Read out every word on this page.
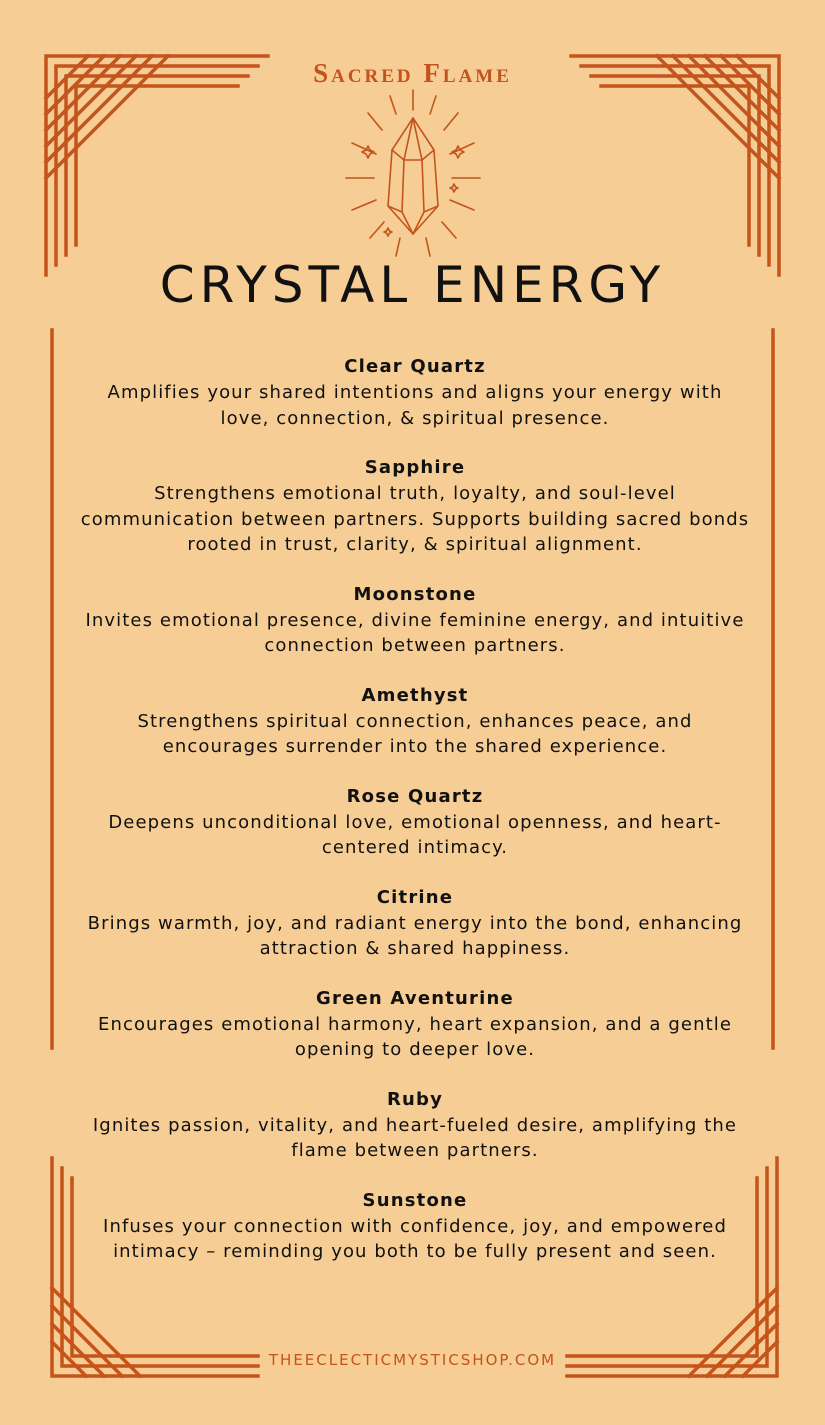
Sacred Flame
CRYSTAL ENERGY

Clear Quartz

Amplifies your shared intentions and aligns your energy with love, connection, & spiritual presence.

Sapphire

Strengthens emotional truth, loyalty, and soul-level communication between partners. Supports building sacred bonds rooted in trust, clarity, & spiritual alignment.

Moonstone

Invites emotional presence, divine feminine energy, and intuitive connection between partners.

Amethyst

Strengthens spiritual connection, enhances peace, and encourages surrender into the shared experience.

Rose Quartz

Deepens unconditional love, emotional openness, and heart-centered intimacy.

Citrine

Brings warmth, joy, and radiant energy into the bond, enhancing attraction & shared happiness.

Green Aventurine

Encourages emotional harmony, heart expansion, and a gentle opening to deeper love.

Ruby

Ignites passion, vitality, and heart-fueled desire, amplifying the flame between partners.

Sunstone

Infuses your connection with confidence, joy, and empowered intimacy – reminding you both to be fully present and seen.

THEECLECTICMYSTICSHOP.COM
